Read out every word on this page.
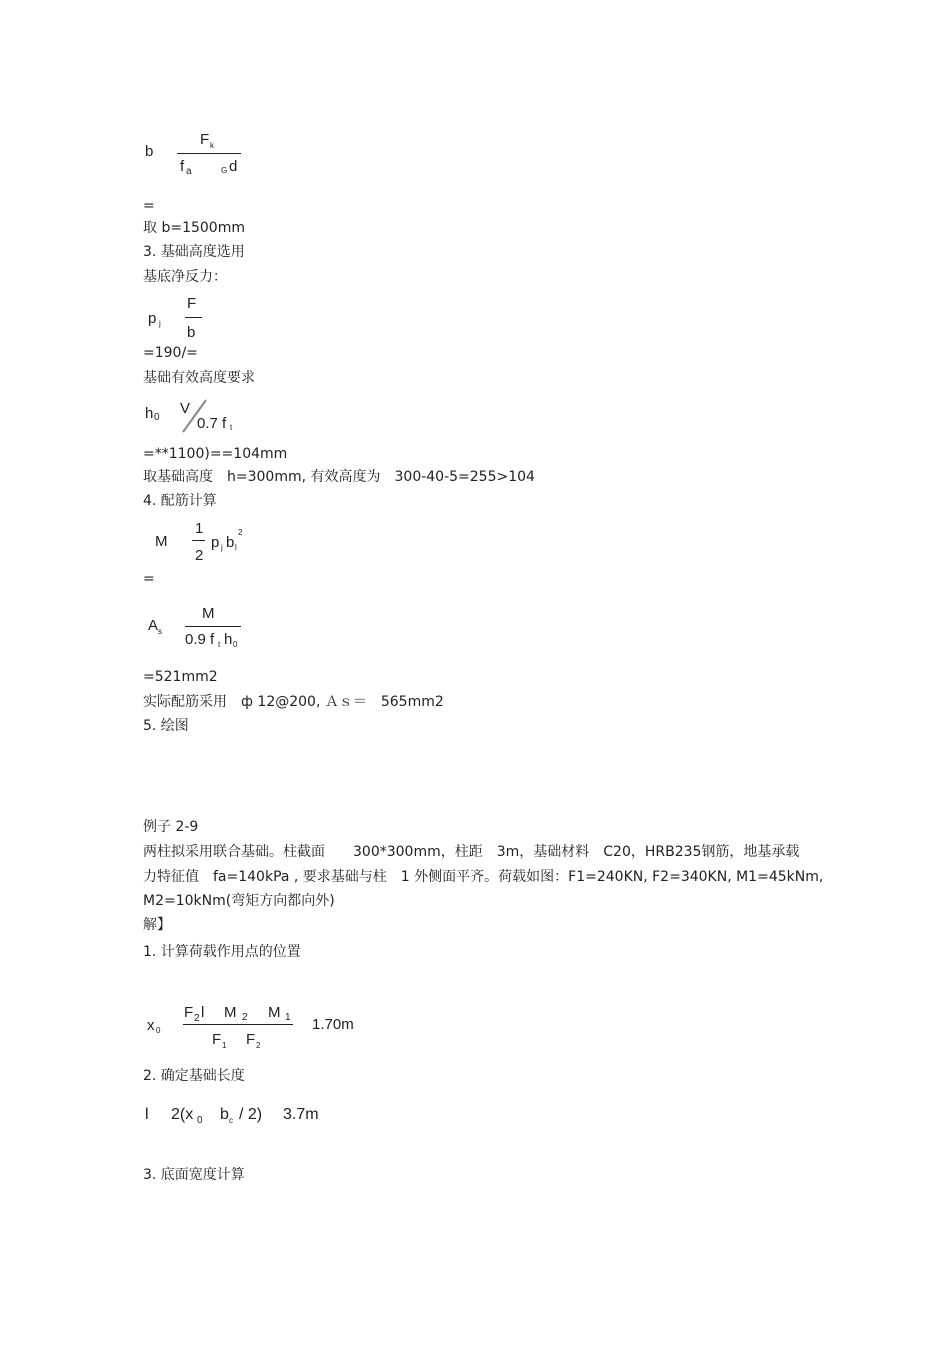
b
F k
f a	G d
=
取 b=1500mm
3. 基础高度选用
基底净反力：
p j
F
b
=190/=
基础有效高度要求
h 0
V
0.7 f t
=**1100)==104mm
取基础高度　h=300mm, 有效高度为　300-40-5=255>104
4. 配筋计算
M
1
2
p j b l
2
=
A s
M
0.9 f t h 0
=521mm2
实际配筋采用　ф 12@200, Ａｓ＝　565mm2
5. 绘图
例子 2-9
两柱拟采用联合基础。柱截面　　300*300mm，柱距　3m，基础材料　C20，HRB235钢筋，地基承载
力特征值　fa=140kPa , 要求基础与柱　1 外侧面平齐。荷载如图：F1=240KN, F2=340KN, M1=45kNm,
M2=10kNm(弯矩方向都向外)
解】
1. 计算荷载作用点的位置
x 0
F 2 l M 2 M 1
F 1 F 2
1.70m
2. 确定基础长度
l 2(x 0 b c / 2) 3.7m
3. 底面宽度计算
